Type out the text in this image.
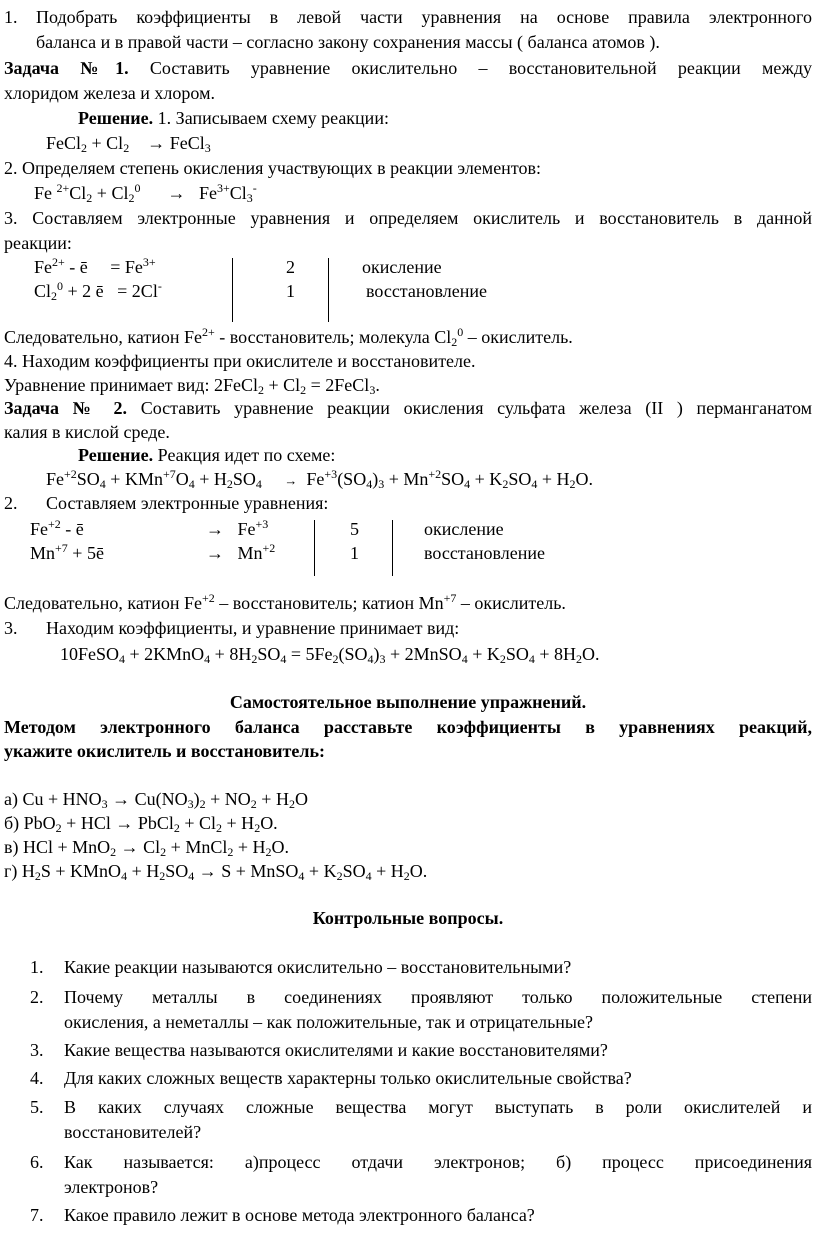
1. Подобрать коэффициенты в левой части уравнения на основе правила электронного
баланса и в правой части – согласно закону сохранения массы ( баланса атомов ).
Задача №1. Составить уравнение окислительно – восстановительной реакции между
хлоридом железа и хлором.
Решение. 1. Записываем схему реакции:
FeCl2 + Cl2    → FeCl3
2. Определяем степень окисления участвующих в реакции элементов:
Fe $^{2+}Cl2 + Cl2^0$      →   $Fe^{3+}Cl3^-$
3. Составляем электронные уравнения и определяем окислитель и восстановитель в данной
реакции:
$Fe^{2+}$ - ē     = $Fe^{3+}$
$Cl2^0 + 2$ ē   = 2Cl-
2
1
окисление
восстановление
Следовательно, катион $Fe^{2+}$ - восстановитель; молекула $Cl2^0$ – окислитель.
4. Находим коэффициенты при окислителе и восстановителе.
Уравнение принимает вид: 2FeCl2 + Cl2 = 2FeCl3.
Задача № 2. Составить уравнение реакции окисления сульфата железа (II ) перманганатом
калия в кислой среде.
Решение. Реакция идет по схеме:
$Fe^{+2}SO4 + KMn^{+7}O4 + H2SO4 \to Fe^{+3}(SO4)3 + Mn^{+2}SO4 + K2SO4 + H2O$.
2. Составляем электронные уравнения:
$Fe^{+2}$ - ē	→   $Fe^{+3}$
$Mn^{+7}$ + 5ē	→   $Mn^{+2}$
5
1
окисление
восстановление
Следовательно, катион $Fe^{+2}$ – восстановитель; катион $Mn^{+7}$ – окислитель.
3. Находим коэффициенты, и уравнение принимает вид:
10FeSO4 + 2KMnO4 + 8H2SO4 = 5Fe2(SO4)3 + 2MnSO4 + K2SO4 + 8H2O.
Самостоятельное выполнение упражнений.
Методом электронного баланса расставьте коэффициенты в уравнениях реакций,
укажите окислитель и восстановитель:
а) Cu + HNO3 → Cu(NO3)2 + NO2 + H2O
б) PbO2 + HCl → PbCl2 + Cl2 + H2O.
в) HCl + MnO2 → Cl2 + MnCl2 + H2O.
г) H2S + KMnO4 + H2SO4 → S + MnSO4 + K2SO4 + H2O.
Контрольные вопросы.
1. Какие реакции называются окислительно – восстановительными?
2. Почему металлы в соединениях проявляют только положительные степени
окисления, а неметаллы – как положительные, так и отрицательные?
3. Какие вещества называются окислителями и какие восстановителями?
4. Для каких сложных веществ характерны только окислительные свойства?
5. В каких случаях сложные вещества могут выступать в роли окислителей и
восстановителей?
6. Как называется: а)процесс отдачи электронов; б) процесс присоединения
электронов?
7. Какое правило лежит в основе метода электронного баланса?
